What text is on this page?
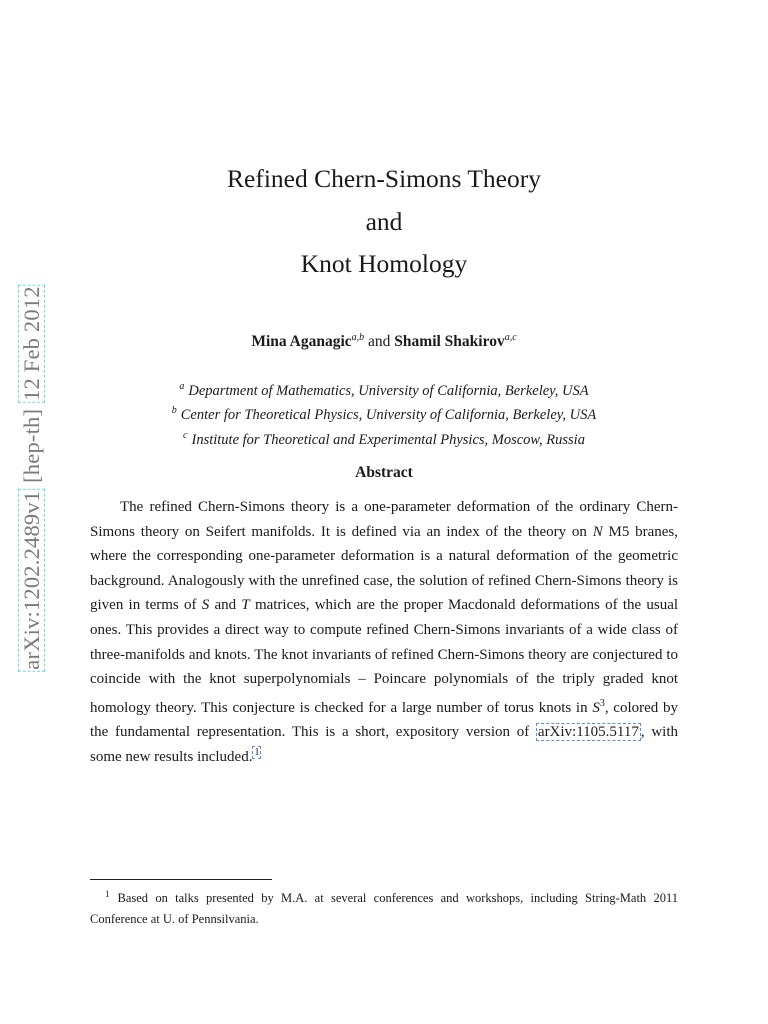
arXiv:1202.2489v1 [hep-th] 12 Feb 2012
Refined Chern-Simons Theory
and
Knot Homology
Mina Aganagic$^{a,b}$ and Shamil Shakirov$^{a,c}$
$^a$ Department of Mathematics, University of California, Berkeley, USA
$^b$ Center for Theoretical Physics, University of California, Berkeley, USA
$^c$ Institute for Theoretical and Experimental Physics, Moscow, Russia
Abstract
The refined Chern-Simons theory is a one-parameter deformation of the ordinary Chern-Simons theory on Seifert manifolds. It is defined via an index of the theory on N M5 branes, where the corresponding one-parameter deformation is a natural deformation of the geometric background. Analogously with the unrefined case, the solution of refined Chern-Simons theory is given in terms of S and T matrices, which are the proper Macdonald deformations of the usual ones. This provides a direct way to compute refined Chern-Simons invariants of a wide class of three-manifolds and knots. The knot invariants of refined Chern-Simons theory are conjectured to coincide with the knot superpolynomials – Poincare polynomials of the triply graded knot homology theory. This conjecture is checked for a large number of torus knots in $S^3$, colored by the fundamental representation. This is a short, expository version of arXiv:1105.5117 , with some new results included. $^1$
$^1$ Based on talks presented by M.A. at several conferences and workshops, including String-Math 2011 Conference at U. of Pennsilvania.
